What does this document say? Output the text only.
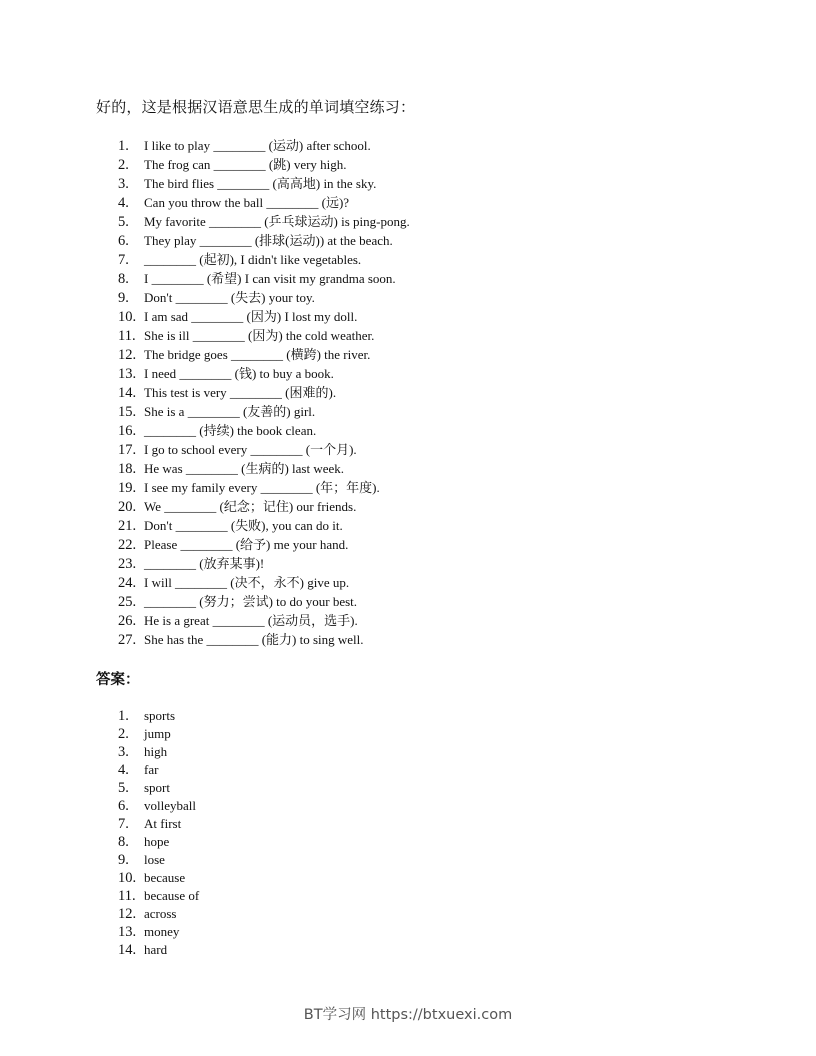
好的，这是根据汉语意思生成的单词填空练习：
1. I like to play ________ (运动) after school.
2. The frog can ________ (跳) very high.
3. The bird flies ________ (高高地) in the sky.
4. Can you throw the ball ________ (远)?
5. My favorite ________ (乒乓球运动) is ping-pong.
6. They play ________ (排球(运动)) at the beach.
7. ________ (起初), I didn't like vegetables.
8. I ________ (希望) I can visit my grandma soon.
9. Don't ________ (失去) your toy.
10. I am sad ________ (因为) I lost my doll.
11. She is ill ________ (因为) the cold weather.
12. The bridge goes ________ (横跨) the river.
13. I need ________ (钱) to buy a book.
14. This test is very ________ (困难的).
15. She is a ________ (友善的) girl.
16. ________ (持续) the book clean.
17. I go to school every ________ (一个月).
18. He was ________ (生病的) last week.
19. I see my family every ________ (年；年度).
20. We ________ (纪念；记住) our friends.
21. Don't ________ (失败), you can do it.
22. Please ________ (给予) me your hand.
23. ________ (放弃某事)!
24. I will ________ (决不，永不) give up.
25. ________ (努力；尝试) to do your best.
26. He is a great ________ (运动员，选手).
27. She has the ________ (能力) to sing well.
答案：
1. sports
2. jump
3. high
4. far
5. sport
6. volleyball
7. At first
8. hope
9. lose
10. because
11. because of
12. across
13. money
14. hard
BT学习网 https://btxuexi.com
